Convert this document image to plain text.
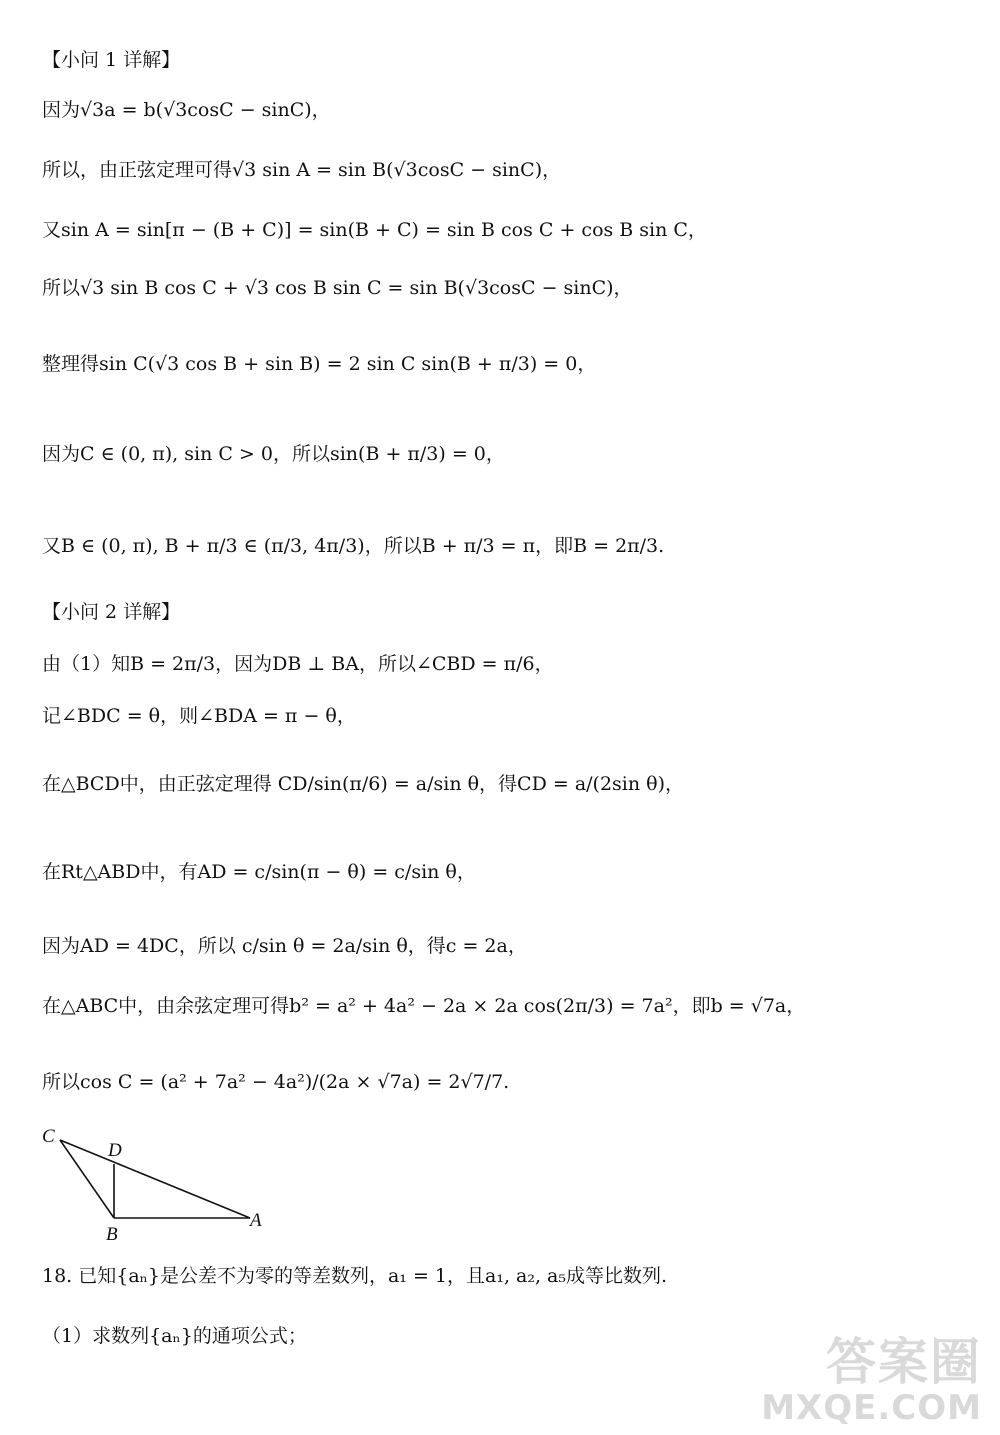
【小问 1 详解】
因为√3a = b(√3cosC − sinC)，
所以，由正弦定理可得√3 sin A = sin B(√3cosC − sinC)，
又sin A = sin[π − (B + C)] = sin(B + C) = sin B cos C + cos B sin C，
所以√3 sin B cos C + √3 cos B sin C = sin B(√3cosC − sinC)，
整理得sin C(√3 cos B + sin B) = 2 sin C sin(B + π/3) = 0，
因为C ∈ (0, π), sin C > 0，所以sin(B + π/3) = 0，
又B ∈ (0, π), B + π/3 ∈ (π/3, 4π/3)，所以B + π/3 = π，即B = 2π/3.
【小问 2 详解】
由（1）知B = 2π/3，因为DB ⊥ BA，所以∠CBD = π/6，
记∠BDC = θ，则∠BDA = π − θ，
在△BCD中，由正弦定理得 CD/sin(π/6) = a/sin θ，得CD = a/(2sin θ)，
在Rt△ABD中，有AD = c/sin(π − θ) = c/sin θ，
因为AD = 4DC，所以 c/sin θ = 2a/sin θ，得c = 2a，
在△ABC中，由余弦定理可得b² = a² + 4a² − 2a × 2a cos(2π/3) = 7a²，即b = √7a，
所以cos C = (a² + 7a² − 4a²)/(2a × √7a) = 2√7/7.
C
D
B
A
18. 已知{aₙ}是公差不为零的等差数列，a₁ = 1，且a₁, a₂, a₅成等比数列.
（1）求数列{aₙ}的通项公式；	答案圈
MXQE.COM
